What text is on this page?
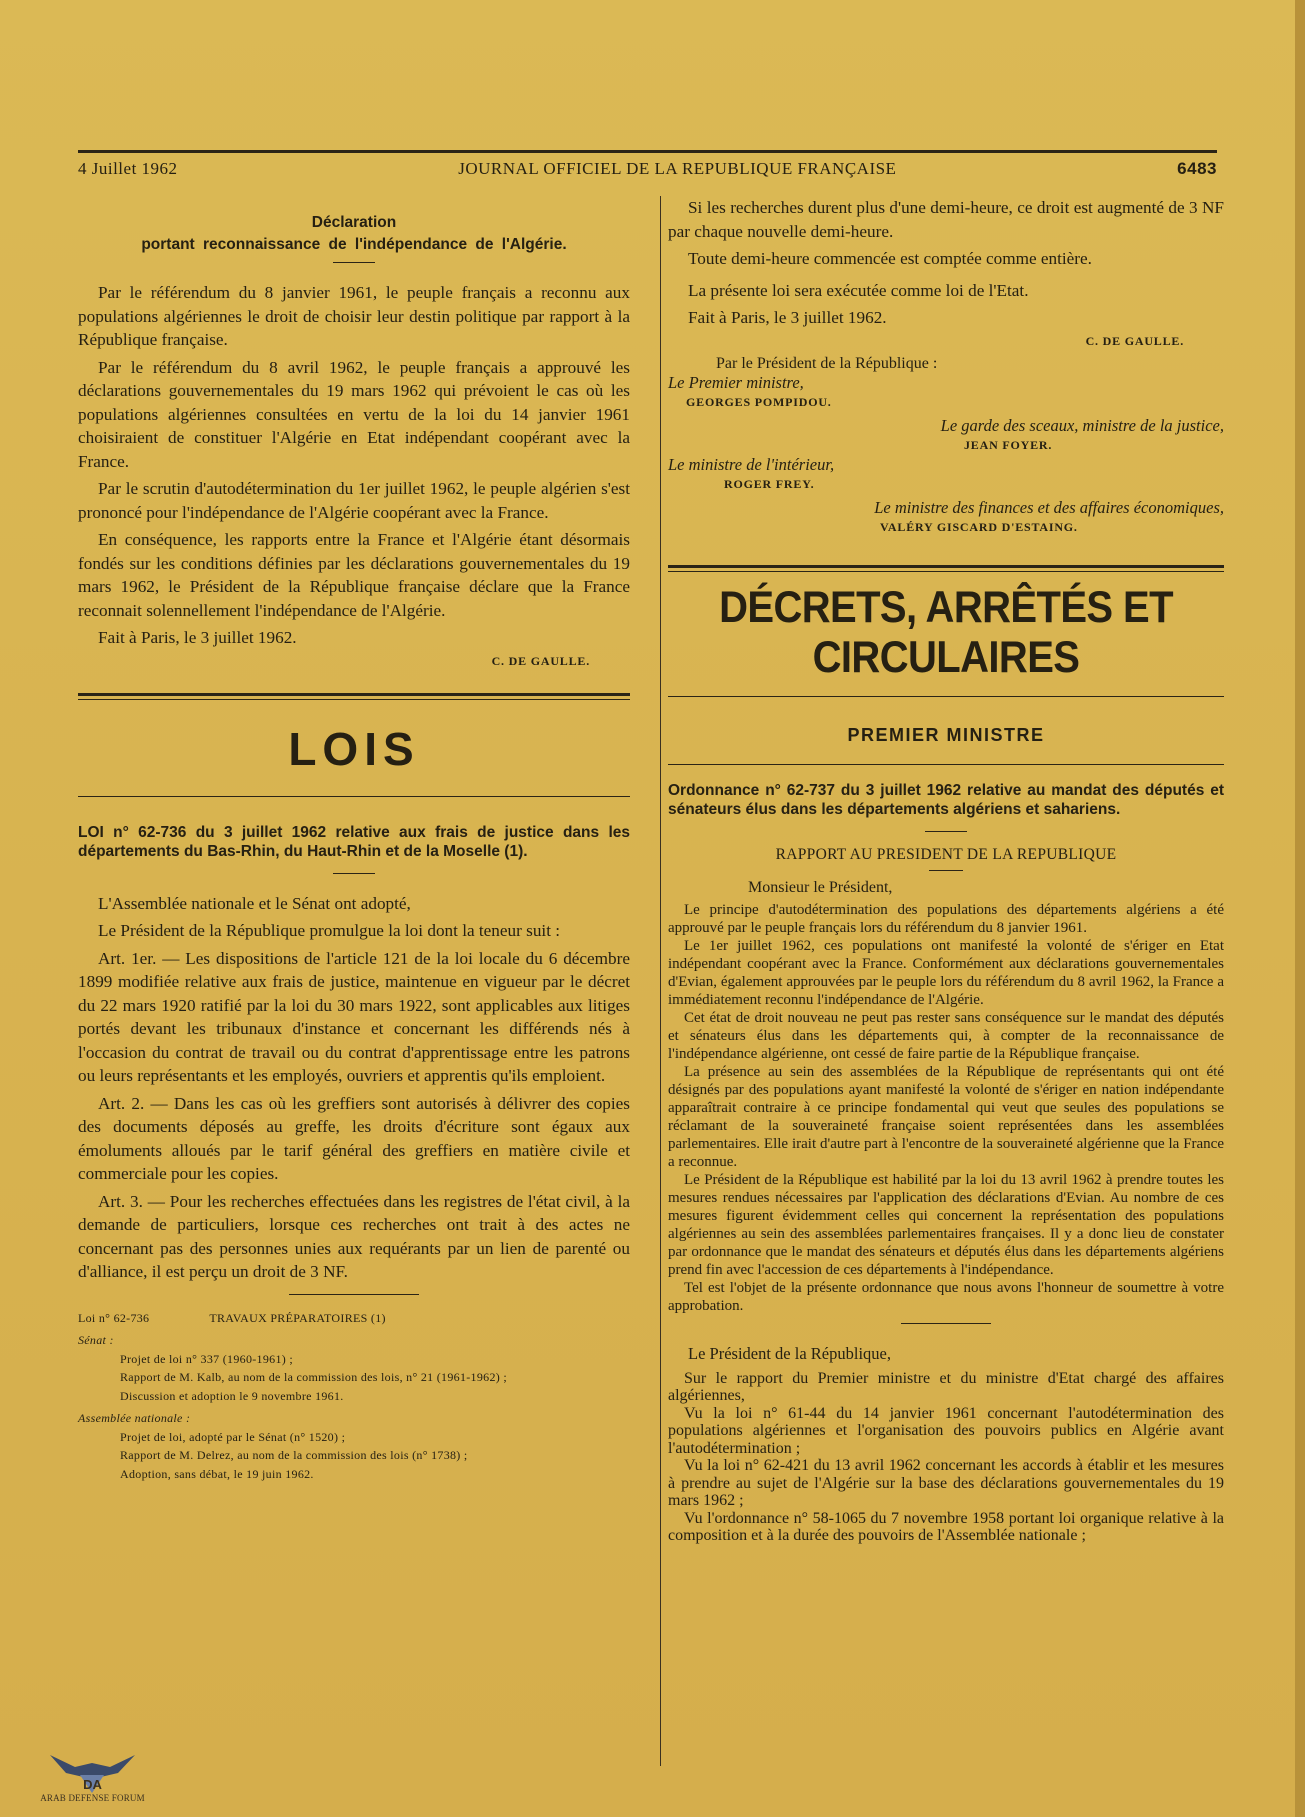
4 Juillet 1962	JOURNAL OFFICIEL DE LA REPUBLIQUE FRANÇAISE	6483

Déclaration

portant reconnaissance de l'indépendance de l'Algérie.

Par le référendum du 8 janvier 1961, le peuple français a reconnu aux populations algériennes le droit de choisir leur destin politique par rapport à la République française.

Par le référendum du 8 avril 1962, le peuple français a approuvé les déclarations gouvernementales du 19 mars 1962 qui prévoient le cas où les populations algériennes consultées en vertu de la loi du 14 janvier 1961 choisiraient de constituer l'Algérie en Etat indépendant coopérant avec la France.

Par le scrutin d'autodétermination du 1er juillet 1962, le peuple algérien s'est prononcé pour l'indépendance de l'Algérie coopérant avec la France.

En conséquence, les rapports entre la France et l'Algérie étant désormais fondés sur les conditions définies par les déclarations gouvernementales du 19 mars 1962, le Président de la République française déclare que la France reconnait solennellement l'indépendance de l'Algérie.

Fait à Paris, le 3 juillet 1962.

C. DE GAULLE.

LOIS

LOI n° 62-736 du 3 juillet 1962 relative aux frais de justice dans les départements du Bas-Rhin, du Haut-Rhin et de la Moselle (1).

L'Assemblée nationale et le Sénat ont adopté,

Le Président de la République promulgue la loi dont la teneur suit :

Art. 1er. — Les dispositions de l'article 121 de la loi locale du 6 décembre 1899 modifiée relative aux frais de justice, maintenue en vigueur par le décret du 22 mars 1920 ratifié par la loi du 30 mars 1922, sont applicables aux litiges portés devant les tribunaux d'instance et concernant les différends nés à l'occasion du contrat de travail ou du contrat d'apprentissage entre les patrons ou leurs représentants et les employés, ouvriers et apprentis qu'ils emploient.

Art. 2. — Dans les cas où les greffiers sont autorisés à délivrer des copies des documents déposés au greffe, les droits d'écriture sont égaux aux émoluments alloués par le tarif général des greffiers en matière civile et commerciale pour les copies.

Art. 3. — Pour les recherches effectuées dans les registres de l'état civil, à la demande de particuliers, lorsque ces recherches ont trait à des actes ne concernant pas des personnes unies aux requérants par un lien de parenté ou d'alliance, il est perçu un droit de 3 NF.

Loi n° 62-736	TRAVAUX PRÉPARATOIRES (1)
Sénat :
Projet de loi n° 337 (1960-1961) ;
Rapport de M. Kalb, au nom de la commission des lois, n° 21 (1961-1962) ;
Discussion et adoption le 9 novembre 1961.
Assemblée nationale :
Projet de loi, adopté par le Sénat (n° 1520) ;
Rapport de M. Delrez, au nom de la commission des lois (n° 1738) ;
Adoption, sans débat, le 19 juin 1962.

Si les recherches durent plus d'une demi-heure, ce droit est augmenté de 3 NF par chaque nouvelle demi-heure.

Toute demi-heure commencée est comptée comme entière.

La présente loi sera exécutée comme loi de l'Etat.

Fait à Paris, le 3 juillet 1962.

C. DE GAULLE.

Par le Président de la République :

Le Premier ministre,

GEORGES POMPIDOU.

Le garde des sceaux, ministre de la justice,

JEAN FOYER.

Le ministre de l'intérieur,

ROGER FREY.

Le ministre des finances et des affaires économiques,

VALÉRY GISCARD D'ESTAING.

DÉCRETS, ARRÊTÉS ET CIRCULAIRES

PREMIER MINISTRE

Ordonnance n° 62-737 du 3 juillet 1962 relative au mandat des députés et sénateurs élus dans les départements algériens et sahariens.

RAPPORT AU PRESIDENT DE LA REPUBLIQUE

Monsieur le Président,

Le principe d'autodétermination des populations des départements algériens a été approuvé par le peuple français lors du référendum du 8 janvier 1961.

Le 1er juillet 1962, ces populations ont manifesté la volonté de s'ériger en Etat indépendant coopérant avec la France. Conformément aux déclarations gouvernementales d'Evian, également approuvées par le peuple lors du référendum du 8 avril 1962, la France a immédiatement reconnu l'indépendance de l'Algérie.

Cet état de droit nouveau ne peut pas rester sans conséquence sur le mandat des députés et sénateurs élus dans les départements qui, à compter de la reconnaissance de l'indépendance algérienne, ont cessé de faire partie de la République française.

La présence au sein des assemblées de la République de représentants qui ont été désignés par des populations ayant manifesté la volonté de s'ériger en nation indépendante apparaîtrait contraire à ce principe fondamental qui veut que seules des populations se réclamant de la souveraineté française soient représentées dans les assemblées parlementaires. Elle irait d'autre part à l'encontre de la souveraineté algérienne que la France a reconnue.

Le Président de la République est habilité par la loi du 13 avril 1962 à prendre toutes les mesures rendues nécessaires par l'application des déclarations d'Evian. Au nombre de ces mesures figurent évidemment celles qui concernent la représentation des populations algériennes au sein des assemblées parlementaires françaises. Il y a donc lieu de constater par ordonnance que le mandat des sénateurs et députés élus dans les départements algériens prend fin avec l'accession de ces départements à l'indépendance.

Tel est l'objet de la présente ordonnance que nous avons l'honneur de soumettre à votre approbation.

Le Président de la République,

Sur le rapport du Premier ministre et du ministre d'Etat chargé des affaires algériennes,

Vu la loi n° 61-44 du 14 janvier 1961 concernant l'autodétermination des populations algériennes et l'organisation des pouvoirs publics en Algérie avant l'autodétermination ;

Vu la loi n° 62-421 du 13 avril 1962 concernant les accords à établir et les mesures à prendre au sujet de l'Algérie sur la base des déclarations gouvernementales du 19 mars 1962 ;

Vu l'ordonnance n° 58-1065 du 7 novembre 1958 portant loi organique relative à la composition et à la durée des pouvoirs de l'Assemblée nationale ;

DA
ARAB DEFENSE FORUM
